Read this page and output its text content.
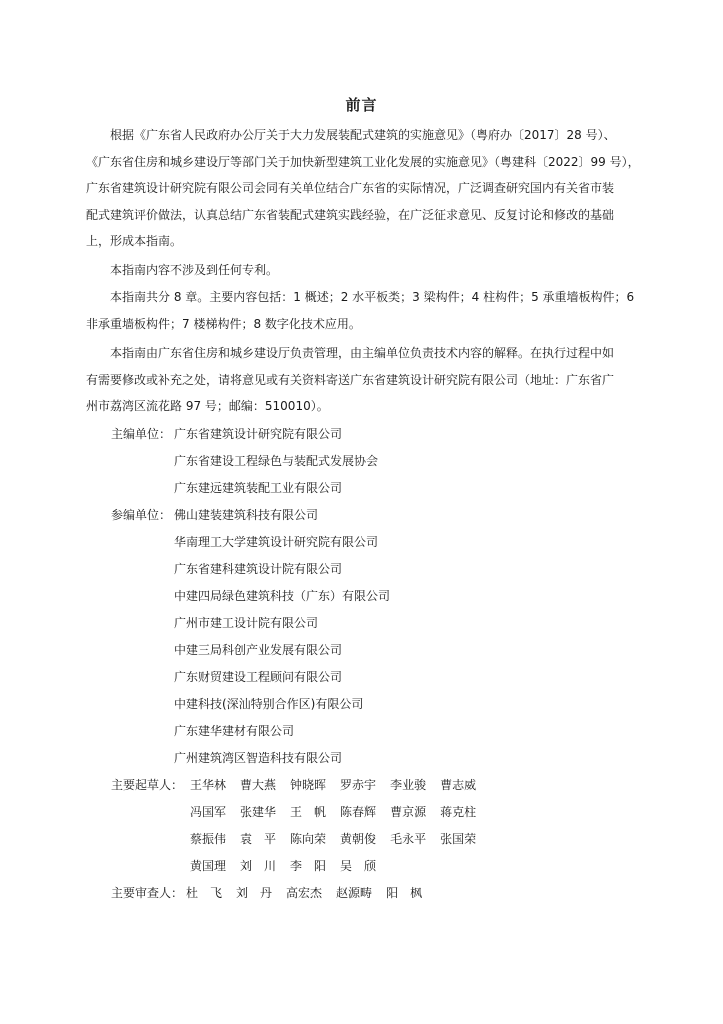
前言
根据《广东省人民政府办公厅关于大力发展装配式建筑的实施意见》（粤府办〔2017〕28 号）、
《广东省住房和城乡建设厅等部门关于加快新型建筑工业化发展的实施意见》（粤建科〔2022〕99 号），
广东省建筑设计研究院有限公司会同有关单位结合广东省的实际情况，广泛调查研究国内有关省市装
配式建筑评价做法，认真总结广东省装配式建筑实践经验，在广泛征求意见、反复讨论和修改的基础
上，形成本指南。
本指南内容不涉及到任何专利。
本指南共分 8 章。主要内容包括：1 概述；2 水平板类；3 梁构件；4 柱构件；5 承重墙板构件；6
非承重墙板构件；7 楼梯构件；8 数字化技术应用。
本指南由广东省住房和城乡建设厅负责管理，由主编单位负责技术内容的解释。在执行过程中如
有需要修改或补充之处，请将意见或有关资料寄送广东省建筑设计研究院有限公司（地址：广东省广
州市荔湾区流花路 97 号；邮编：510010）。
主编单位： 广东省建筑设计研究院有限公司
广东省建设工程绿色与装配式发展协会
广东建远建筑装配工业有限公司
参编单位： 佛山建装建筑科技有限公司
华南理工大学建筑设计研究院有限公司
广东省建科建筑设计院有限公司
中建四局绿色建筑科技（广东）有限公司
广州市建工设计院有限公司
中建三局科创产业发展有限公司
广东财贸建设工程顾问有限公司
中建科技(深汕特别合作区)有限公司
广东建华建材有限公司
广州建筑湾区智造科技有限公司
主要起草人： 王华林 曹大燕 钟晓晖 罗赤宇 李业骏 曹志威
冯国军 张建华 王　帆 陈春辉 曹京源 蒋克柱
蔡振伟 袁　平 陈向荣 黄朝俊 毛永平 张国荣
黄国理 刘　川 李　阳 吴　颀
主要审查人： 杜　飞 刘　丹 高宏杰 赵源畴 阳　枫
